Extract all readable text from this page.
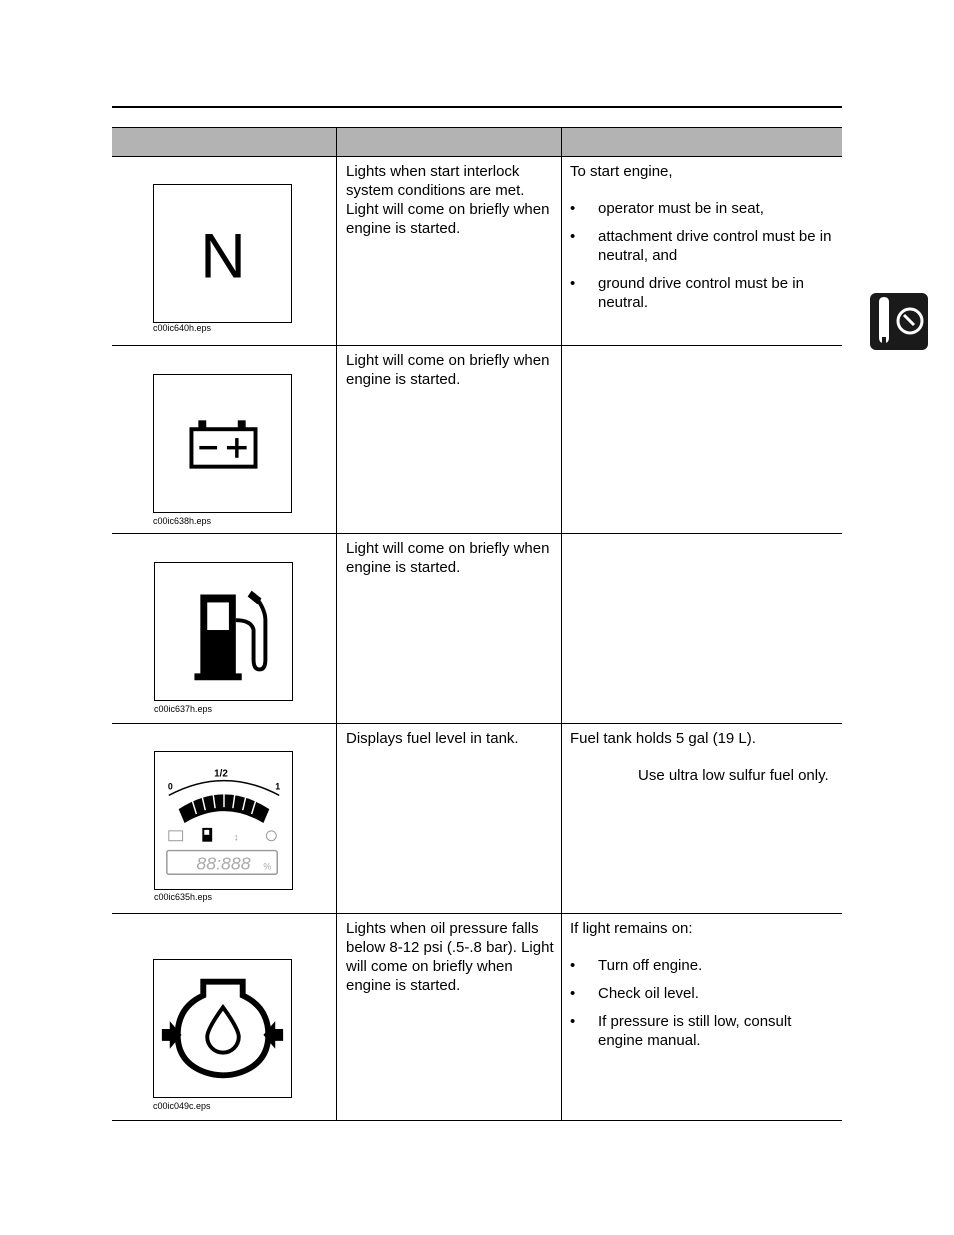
N
c00ic640h.eps
Lights when start interlock system conditions are met. Light will come on briefly when engine is started.

To start engine,

• operator must be in seat,
• attachment drive control must be in neutral, and
• ground drive control must be in neutral.
c00ic638h.eps
Light will come on briefly when engine is started.
c00ic637h.eps
Light will come on briefly when engine is started.
0
1/2
1
↕
88:888 %
c00ic635h.eps
Displays fuel level in tank.	Fuel tank holds 5 gal (19 L).

Use ultra low sulfur fuel only.

c00ic049c.eps
Lights when oil pressure falls below 8-12 psi (.5-.8 bar). Light will come on briefly when engine is started.

If light remains on:

• Turn off engine.
• Check oil level.
• If pressure is still low, consult engine manual.
